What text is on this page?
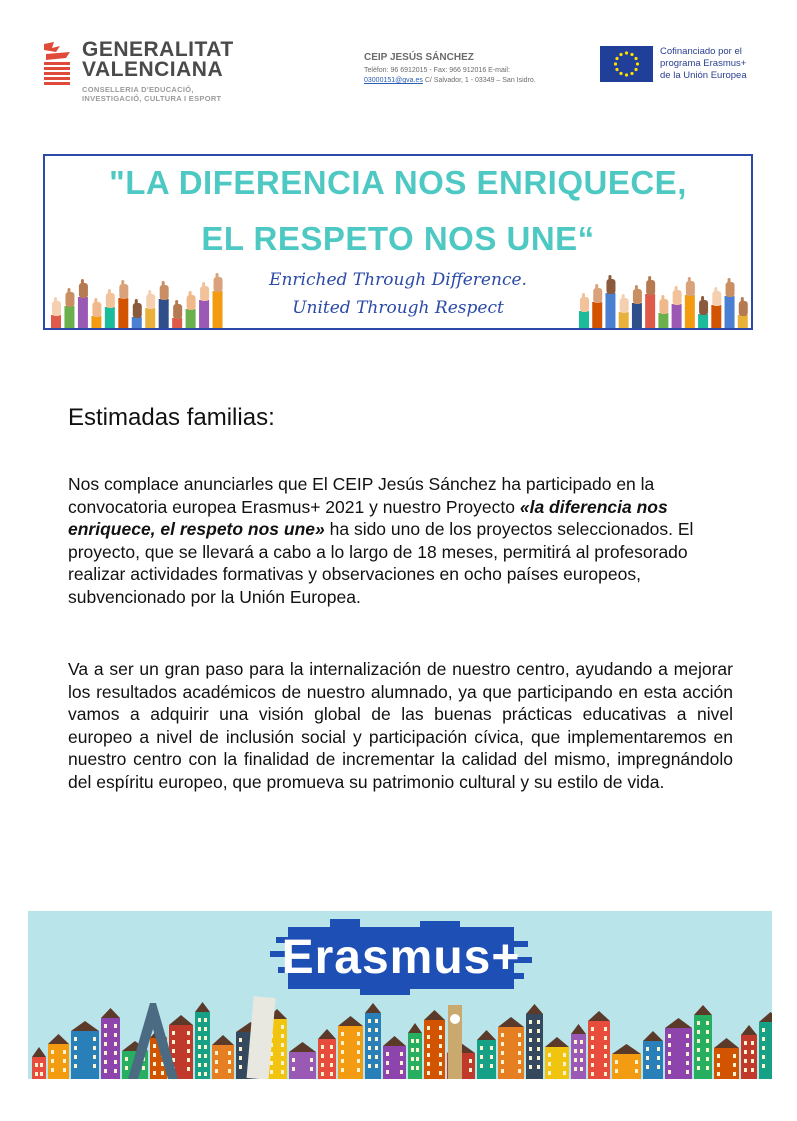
GENERALITAT
VALENCIANA
CONSELLERIA D'EDUCACIÓ,
INVESTIGACIÓ, CULTURA I ESPORT
CEIP JESÚS SÁNCHEZ
Telèfon: 96 6912015 - Fax: 966 912016 E-mail:
03000151@gva.es C/ Salvador, 1 - 03349 – San Isidro.
Cofinanciado por el
programa Erasmus+
de la Unión Europea
"LA DIFERENCIA NOS ENRIQUECE,
EL RESPETO NOS UNE“
Enriched Through Difference.
United Through Respect
Estimadas familias:
Nos complace anunciarles que El CEIP Jesús Sánchez ha participado en la convocatoria europea Erasmus+ 2021 y nuestro Proyecto «la diferencia nos enriquece, el respeto nos une» ha sido uno de los proyectos seleccionados. El proyecto, que se llevará a cabo a lo largo de 18 meses, permitirá al profesorado realizar actividades formativas y observaciones en ocho países europeos, subvencionado por la Unión Europea.
Va a ser un gran paso para la internalización de nuestro centro, ayudando a mejorar los resultados académicos de nuestro alumnado, ya que participando en esta acción vamos a adquirir una visión global de las buenas prácticas educativas a nivel europeo a nivel de inclusión social y participación cívica, que implementaremos en nuestro centro con la finalidad de incrementar la calidad del mismo, impregnándolo del espíritu europeo, que promueva su patrimonio cultural y su estilo de vida.
Erasmus+
